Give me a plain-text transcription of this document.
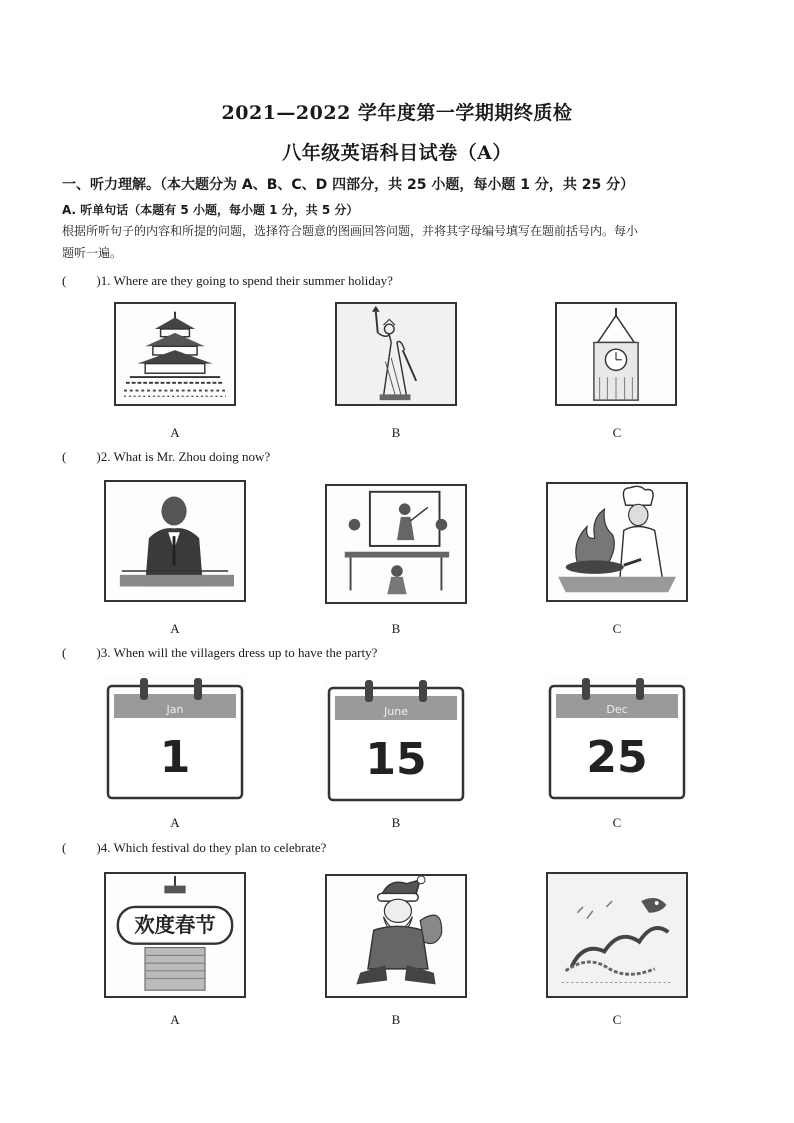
2021—2022 学年度第一学期期终质检
八年级英语科目试卷（A）
一、听力理解。（本大题分为 A、B、C、D 四部分，共 25 小题，每小题 1 分，共 25 分）
A. 听单句话（本题有 5 小题，每小题 1 分，共 5 分）
根据所听句子的内容和所提的问题，选择符合题意的图画回答问题，并将其字母编号填写在题前括号内。每小
题听一遍。
( )1. Where are they going to spend their summer holiday?
A	B	C
( )2. What is Mr. Zhou doing now?
A	B	C
( )3. When will the villagers dress up to have the party?
Jan
1
June
15
Dec
25
A	B	C
( )4. Which festival do they plan to celebrate?
欢度春节
A	B	C
